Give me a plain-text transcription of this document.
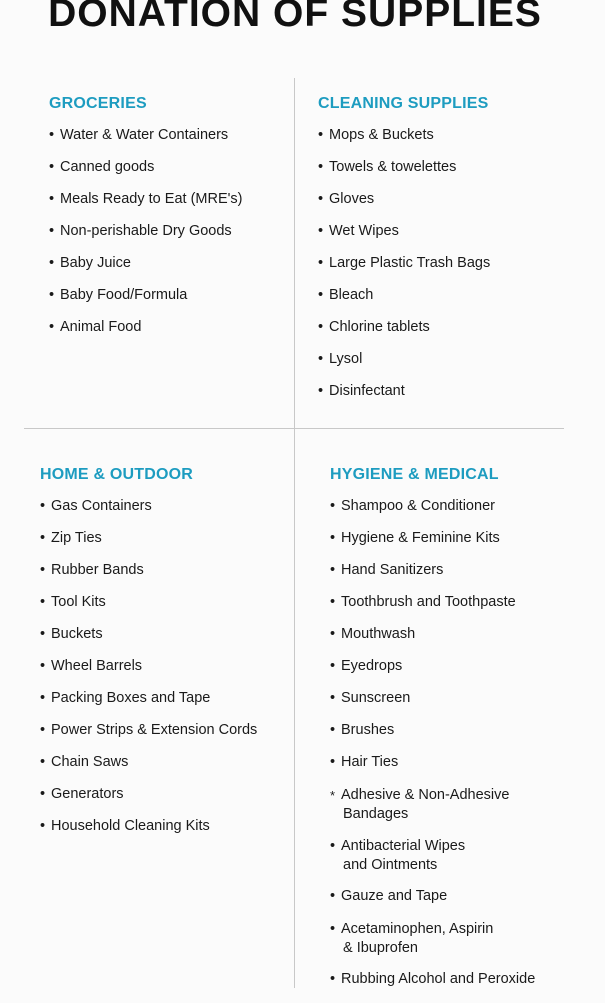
DONATION OF SUPPLIES
GROCERIES
• Water & Water Containers
• Canned goods
• Meals Ready to Eat (MRE's)
• Non-perishable Dry Goods
• Baby Juice
• Baby Food/Formula
• Animal Food
CLEANING SUPPLIES
• Mops & Buckets
• Towels & towelettes
• Gloves
• Wet Wipes
• Large Plastic Trash Bags
• Bleach
• Chlorine tablets
• Lysol
• Disinfectant
HOME & OUTDOOR
• Gas Containers
• Zip Ties
• Rubber Bands
• Tool Kits
• Buckets
• Wheel Barrels
• Packing Boxes and Tape
• Power Strips & Extension Cords
• Chain Saws
• Generators
• Household Cleaning Kits
HYGIENE & MEDICAL
• Shampoo & Conditioner
• Hygiene & Feminine Kits
• Hand Sanitizers
• Toothbrush and Toothpaste
• Mouthwash
• Eyedrops
• Sunscreen
• Brushes
• Hair Ties
* Adhesive & Non-Adhesive
Bandages
• Antibacterial Wipes
and Ointments
• Gauze and Tape
• Acetaminophen, Aspirin
& Ibuprofen
• Rubbing Alcohol and Peroxide
